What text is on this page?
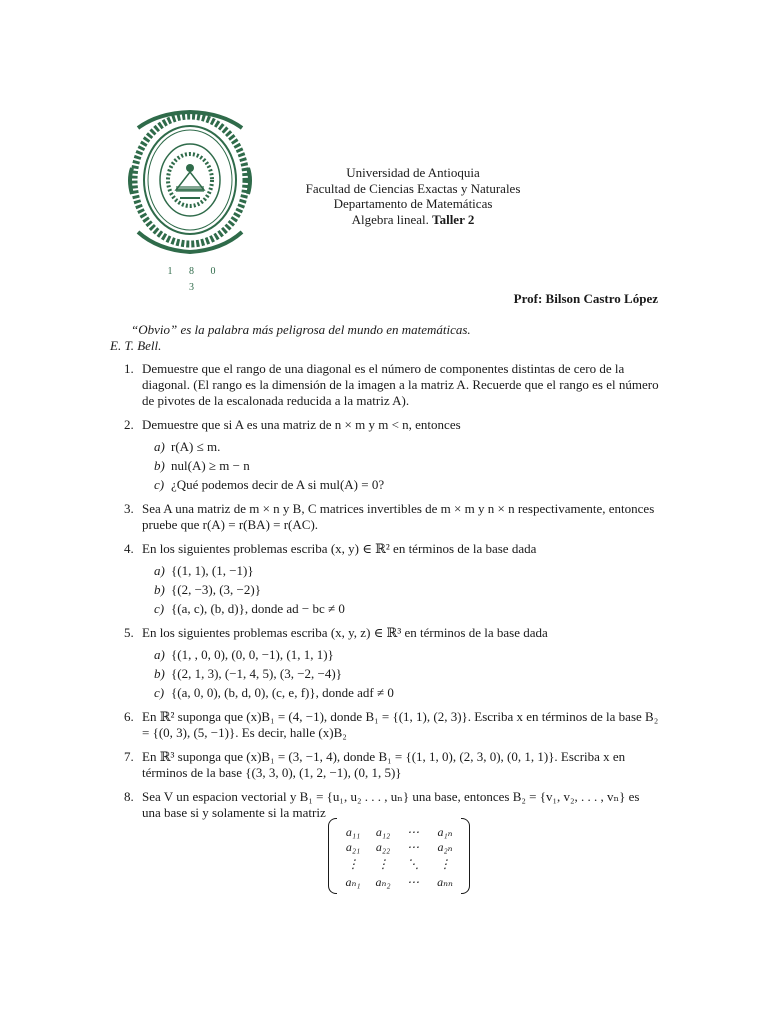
1 8 0 3
Universidad de Antioquia
Facultad de Ciencias Exactas y Naturales
Departamento de Matemáticas
Algebra lineal. Taller 2
Prof: Bilson Castro López
“Obvio” es la palabra más peligrosa del mundo en matemáticas.
E. T. Bell.
1. Demuestre que el rango de una diagonal es el número de componentes distintas de cero de la diagonal. (El rango es la dimensión de la imagen a la matriz A. Recuerde que el rango es el número de pivotes de la escalonada reducida a la matriz A).
2. Demuestre que si A es una matriz de n × m y m < n, entonces
a) r(A) ≤ m.
b) nul(A) ≥ m − n
c) ¿Qué podemos decir de A si mul(A) = 0?
3. Sea A una matriz de m × n y B, C matrices invertibles de m × m y n × n respectivamente, entonces pruebe que r(A) = r(BA) = r(AC).
4. En los siguientes problemas escriba (x, y) ∈ ℝ² en términos de la base dada
a) {(1, 1), (1, −1)}
b) {(2, −3), (3, −2)}
c) {(a, c), (b, d)}, donde ad − bc ≠ 0
5. En los siguientes problemas escriba (x, y, z) ∈ ℝ³ en términos de la base dada
a) {(1, , 0, 0), (0, 0, −1), (1, 1, 1)}
b) {(2, 1, 3), (−1, 4, 5), (3, −2, −4)}
c) {(a, 0, 0), (b, d, 0), (c, e, f)}, donde adf ≠ 0
6. En ℝ² suponga que (x)B₁ = (4, −1), donde B₁ = {(1, 1), (2, 3)}. Escriba x en términos de la base B₂ = {(0, 3), (5, −1)}. Es decir, halle (x)B₂
7. En ℝ³ suponga que (x)B₁ = (3, −1, 4), donde B₁ = {(1, 1, 0), (2, 3, 0), (0, 1, 1)}. Escriba x en términos de la base {(3, 3, 0), (1, 2, −1), (0, 1, 5)}
8. Sea V un espacion vectorial y B₁ = {u₁, u₂ . . . , uₙ} una base, entonces B₂ = {v₁, v₂, . . . , vₙ} es una base si y solamente si la matriz
a₁₁	a₁₂	⋯	a₁ₙ
a₂₁	a₂₂	⋯	a₂ₙ
⋮	⋮	⋱	⋮
aₙ₁	aₙ₂	⋯	aₙₙ
